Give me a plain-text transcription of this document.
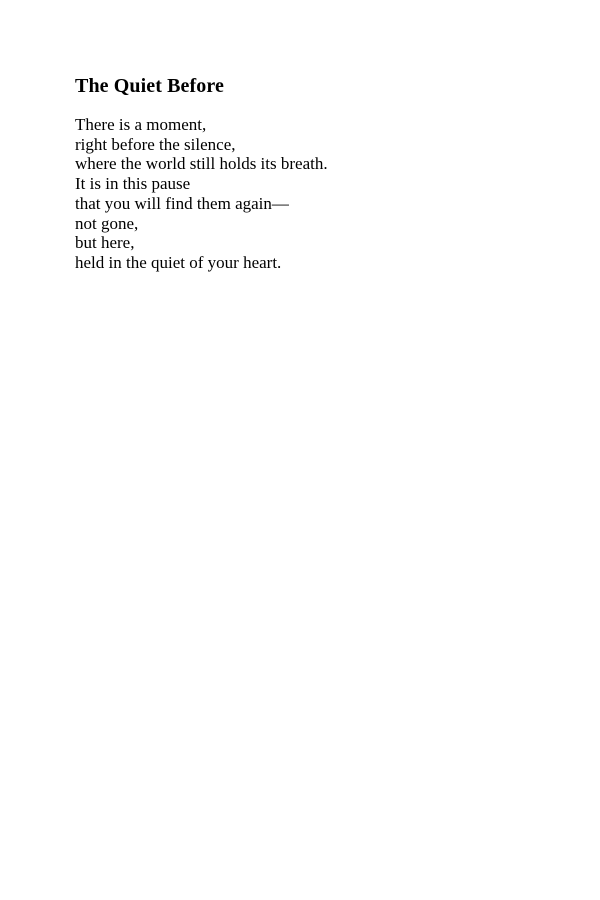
The Quiet Before
There is a moment,
right before the silence,
where the world still holds its breath.
It is in this pause
that you will find them again—
not gone,
but here,
held in the quiet of your heart.
